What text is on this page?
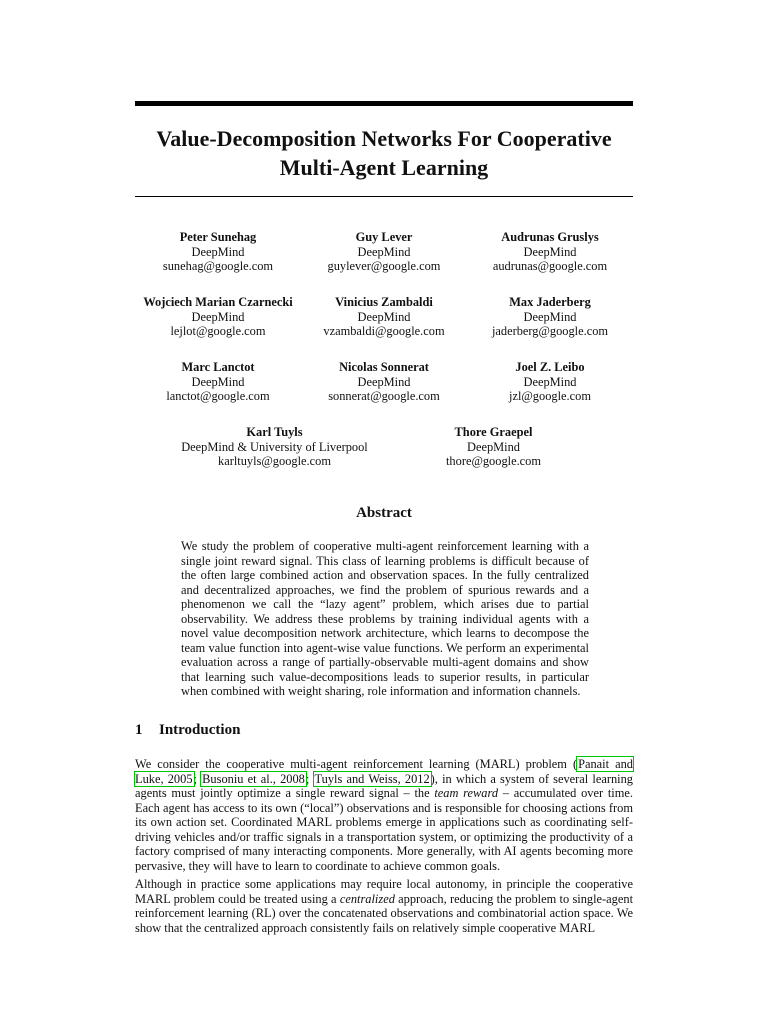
Value-Decomposition Networks For Cooperative Multi-Agent Learning
Peter Sunehag
DeepMind
sunehag@google.com
Guy Lever
DeepMind
guylever@google.com
Audrunas Gruslys
DeepMind
audrunas@google.com
Wojciech Marian Czarnecki
DeepMind
lejlot@google.com
Vinicius Zambaldi
DeepMind
vzambaldi@google.com
Max Jaderberg
DeepMind
jaderberg@google.com
Marc Lanctot
DeepMind
lanctot@google.com
Nicolas Sonnerat
DeepMind
sonnerat@google.com
Joel Z. Leibo
DeepMind
jzl@google.com
Karl Tuyls
DeepMind & University of Liverpool
karltuyls@google.com
Thore Graepel
DeepMind
thore@google.com
Abstract
We study the problem of cooperative multi-agent reinforcement learning with a single joint reward signal. This class of learning problems is difficult because of the often large combined action and observation spaces. In the fully centralized and decentralized approaches, we find the problem of spurious rewards and a phenomenon we call the “lazy agent” problem, which arises due to partial observability. We address these problems by training individual agents with a novel value decomposition network architecture, which learns to decompose the team value function into agent-wise value functions. We perform an experimental evaluation across a range of partially-observable multi-agent domains and show that learning such value-decompositions leads to superior results, in particular when combined with weight sharing, role information and information channels.
1 Introduction
We consider the cooperative multi-agent reinforcement learning (MARL) problem (Panait and Luke, 2005; Busoniu et al., 2008; Tuyls and Weiss, 2012), in which a system of several learning agents must jointly optimize a single reward signal – the team reward – accumulated over time. Each agent has access to its own (“local”) observations and is responsible for choosing actions from its own action set. Coordinated MARL problems emerge in applications such as coordinating self-driving vehicles and/or traffic signals in a transportation system, or optimizing the productivity of a factory comprised of many interacting components. More generally, with AI agents becoming more pervasive, they will have to learn to coordinate to achieve common goals.
Although in practice some applications may require local autonomy, in principle the cooperative MARL problem could be treated using a centralized approach, reducing the problem to single-agent reinforcement learning (RL) over the concatenated observations and combinatorial action space. We show that the centralized approach consistently fails on relatively simple cooperative MARL
